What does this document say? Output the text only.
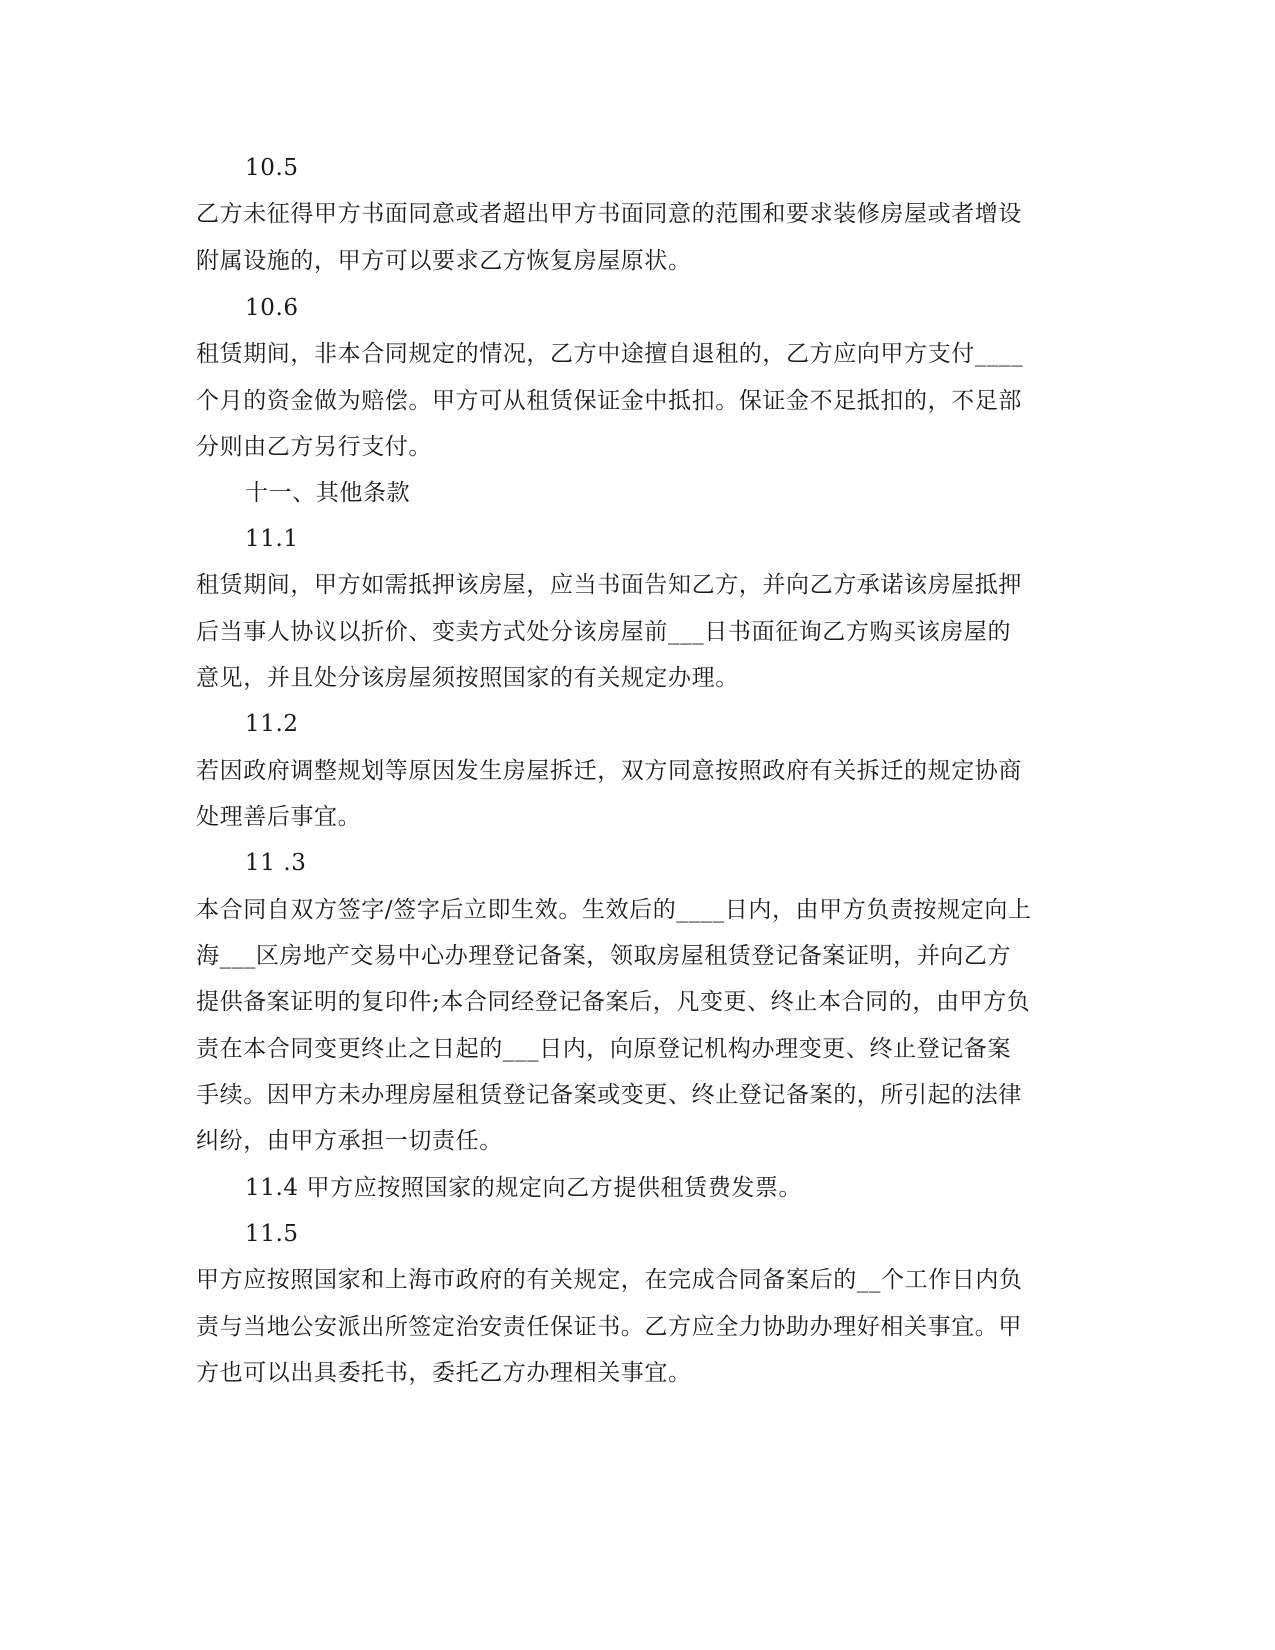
10.5
乙方未征得甲方书面同意或者超出甲方书面同意的范围和要求装修房屋或者增设
附属设施的，甲方可以要求乙方恢复房屋原状。
10.6
租赁期间，非本合同规定的情况，乙方中途擅自退租的，乙方应向甲方支付____
个月的资金做为赔偿。甲方可从租赁保证金中抵扣。保证金不足抵扣的，不足部
分则由乙方另行支付。
十一、其他条款
11.1
租赁期间，甲方如需抵押该房屋，应当书面告知乙方，并向乙方承诺该房屋抵押
后当事人协议以折价、变卖方式处分该房屋前___日书面征询乙方购买该房屋的
意见，并且处分该房屋须按照国家的有关规定办理。
11.2
若因政府调整规划等原因发生房屋拆迁，双方同意按照政府有关拆迁的规定协商
处理善后事宜。
11 .3
本合同自双方签字/签字后立即生效。生效后的____日内，由甲方负责按规定向上
海___区房地产交易中心办理登记备案，领取房屋租赁登记备案证明，并向乙方
提供备案证明的复印件;本合同经登记备案后，凡变更、终止本合同的，由甲方负
责在本合同变更终止之日起的___日内，向原登记机构办理变更、终止登记备案
手续。因甲方未办理房屋租赁登记备案或变更、终止登记备案的，所引起的法律
纠纷，由甲方承担一切责任。
11.4 甲方应按照国家的规定向乙方提供租赁费发票。
11.5
甲方应按照国家和上海市政府的有关规定，在完成合同备案后的__个工作日内负
责与当地公安派出所签定治安责任保证书。乙方应全力协助办理好相关事宜。甲
方也可以出具委托书，委托乙方办理相关事宜。
